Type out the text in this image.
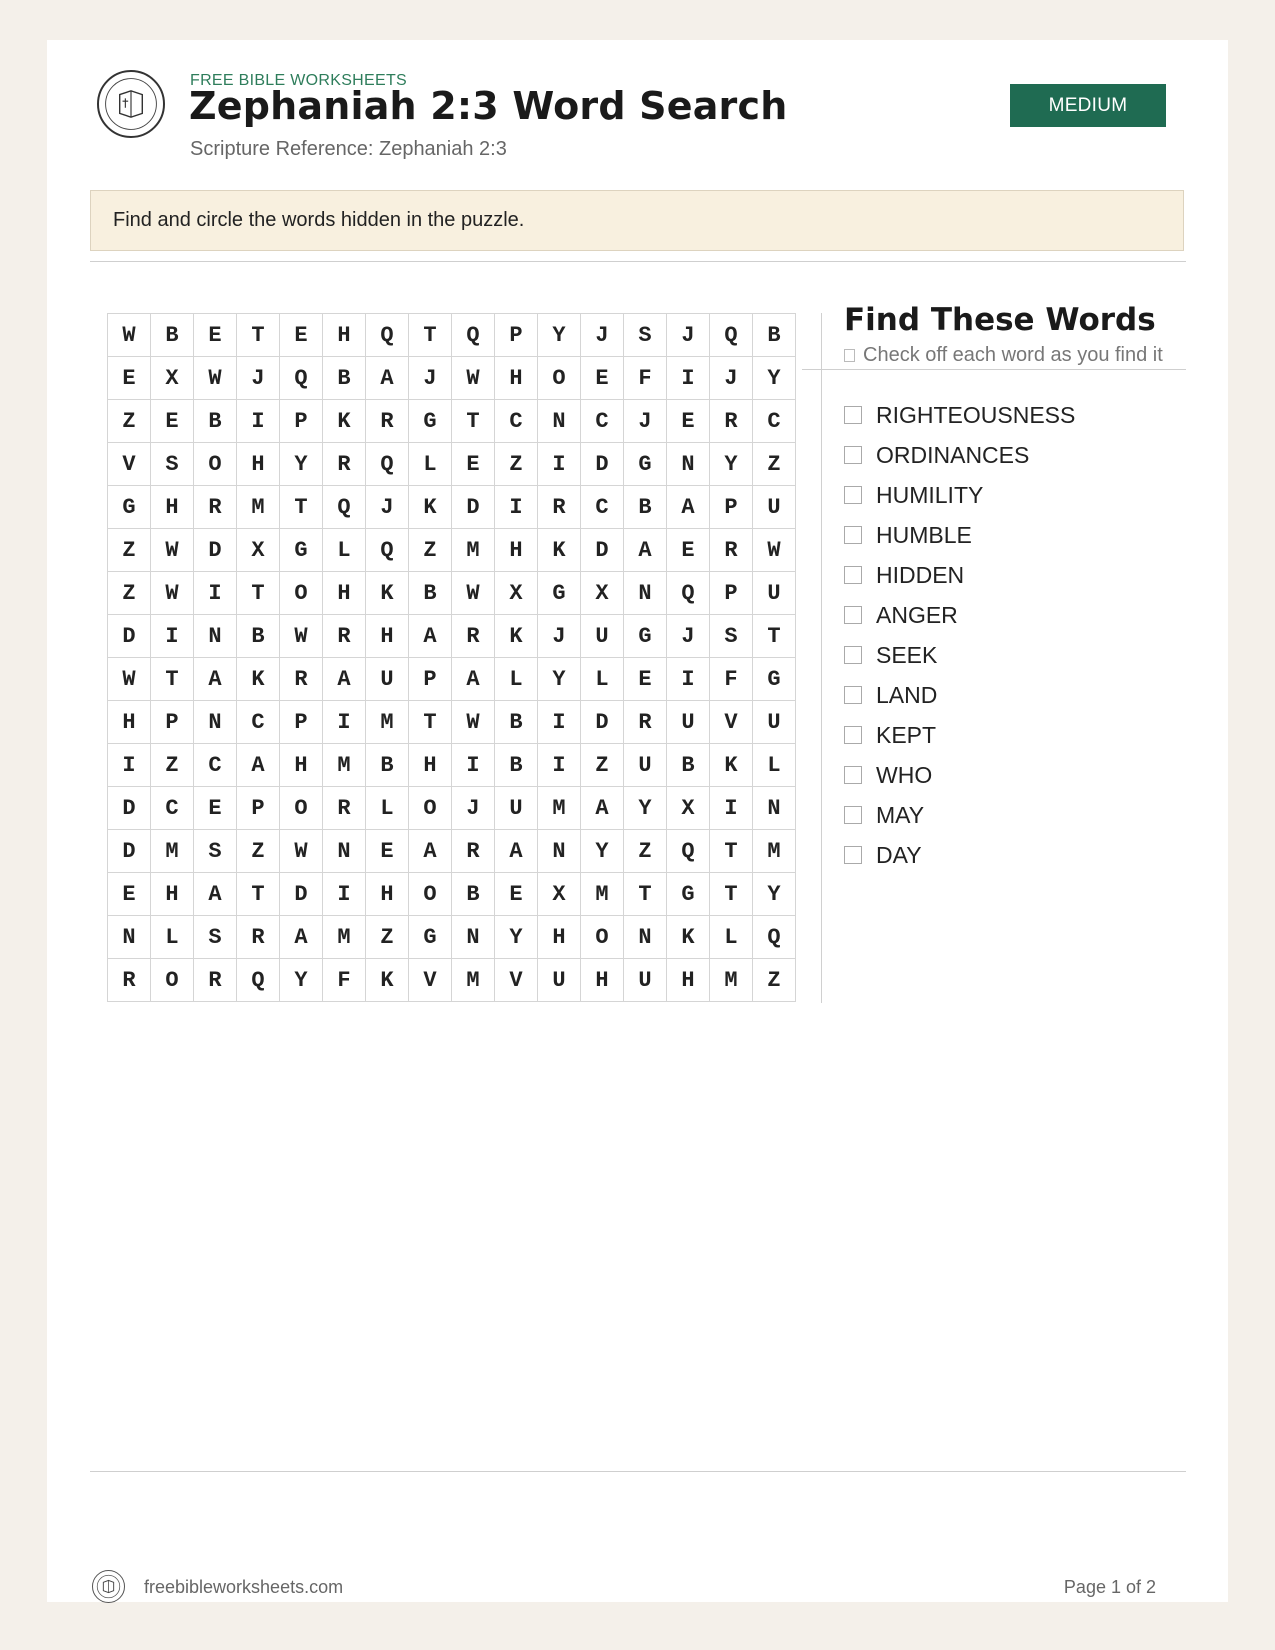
FREE BIBLE WORKSHEETS
Zephaniah 2:3 Word Search
Scripture Reference: Zephaniah 2:3
MEDIUM
Find and circle the words hidden in the puzzle.
W	B	E	T	E	H	Q	T	Q	P	Y	J	S	J	Q	B
E	X	W	J	Q	B	A	J	W	H	O	E	F	I	J	Y
Z	E	B	I	P	K	R	G	T	C	N	C	J	E	R	C
V	S	O	H	Y	R	Q	L	E	Z	I	D	G	N	Y	Z
G	H	R	M	T	Q	J	K	D	I	R	C	B	A	P	U
Z	W	D	X	G	L	Q	Z	M	H	K	D	A	E	R	W
Z	W	I	T	O	H	K	B	W	X	G	X	N	Q	P	U
D	I	N	B	W	R	H	A	R	K	J	U	G	J	S	T
W	T	A	K	R	A	U	P	A	L	Y	L	E	I	F	G
H	P	N	C	P	I	M	T	W	B	I	D	R	U	V	U
I	Z	C	A	H	M	B	H	I	B	I	Z	U	B	K	L
D	C	E	P	O	R	L	O	J	U	M	A	Y	X	I	N
D	M	S	Z	W	N	E	A	R	A	N	Y	Z	Q	T	M
E	H	A	T	D	I	H	O	B	E	X	M	T	G	T	Y
N	L	S	R	A	M	Z	G	N	Y	H	O	N	K	L	Q
R	O	R	Q	Y	F	K	V	M	V	U	H	U	H	M	Z
Find These Words
Check off each word as you find it
RIGHTEOUSNESS
ORDINANCES
HUMILITY
HUMBLE
HIDDEN
ANGER
SEEK
LAND
KEPT
WHO
MAY
DAY
freebibleworksheets.com	Page 1 of 2
